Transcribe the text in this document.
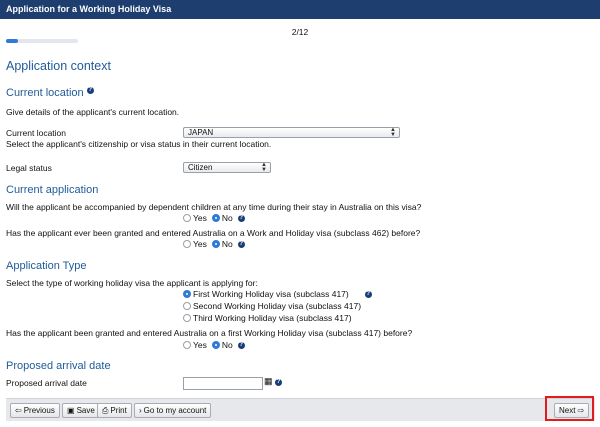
Application for a Working Holiday Visa
2/12
Application context
Current location ?
Give details of the applicant's current location.
Current location	JAPAN	▲
▼
Select the applicant's citizenship or visa status in their current location.
Legal status	Citizen	▲
▼
Current application
Will the applicant be accompanied by dependent children at any time during their stay in Australia on this visa?
Yes No ?
Has the applicant ever been granted and entered Australia on a Work and Holiday visa (subclass 462) before?
Yes No ?
Application Type
Select the type of working holiday visa the applicant is applying for:
First Working Holiday visa (subclass 417)	?
Second Working Holiday visa (subclass 417)
Third Working Holiday visa (subclass 417)
Has the applicant been granted and entered Australia on a first Working Holiday visa (subclass 417) before?
Yes No ?
Proposed arrival date
Proposed arrival date	▦ ?
⇦ Previous	▣ Save ⎙ Print	› Go to my account	Next ⇨
